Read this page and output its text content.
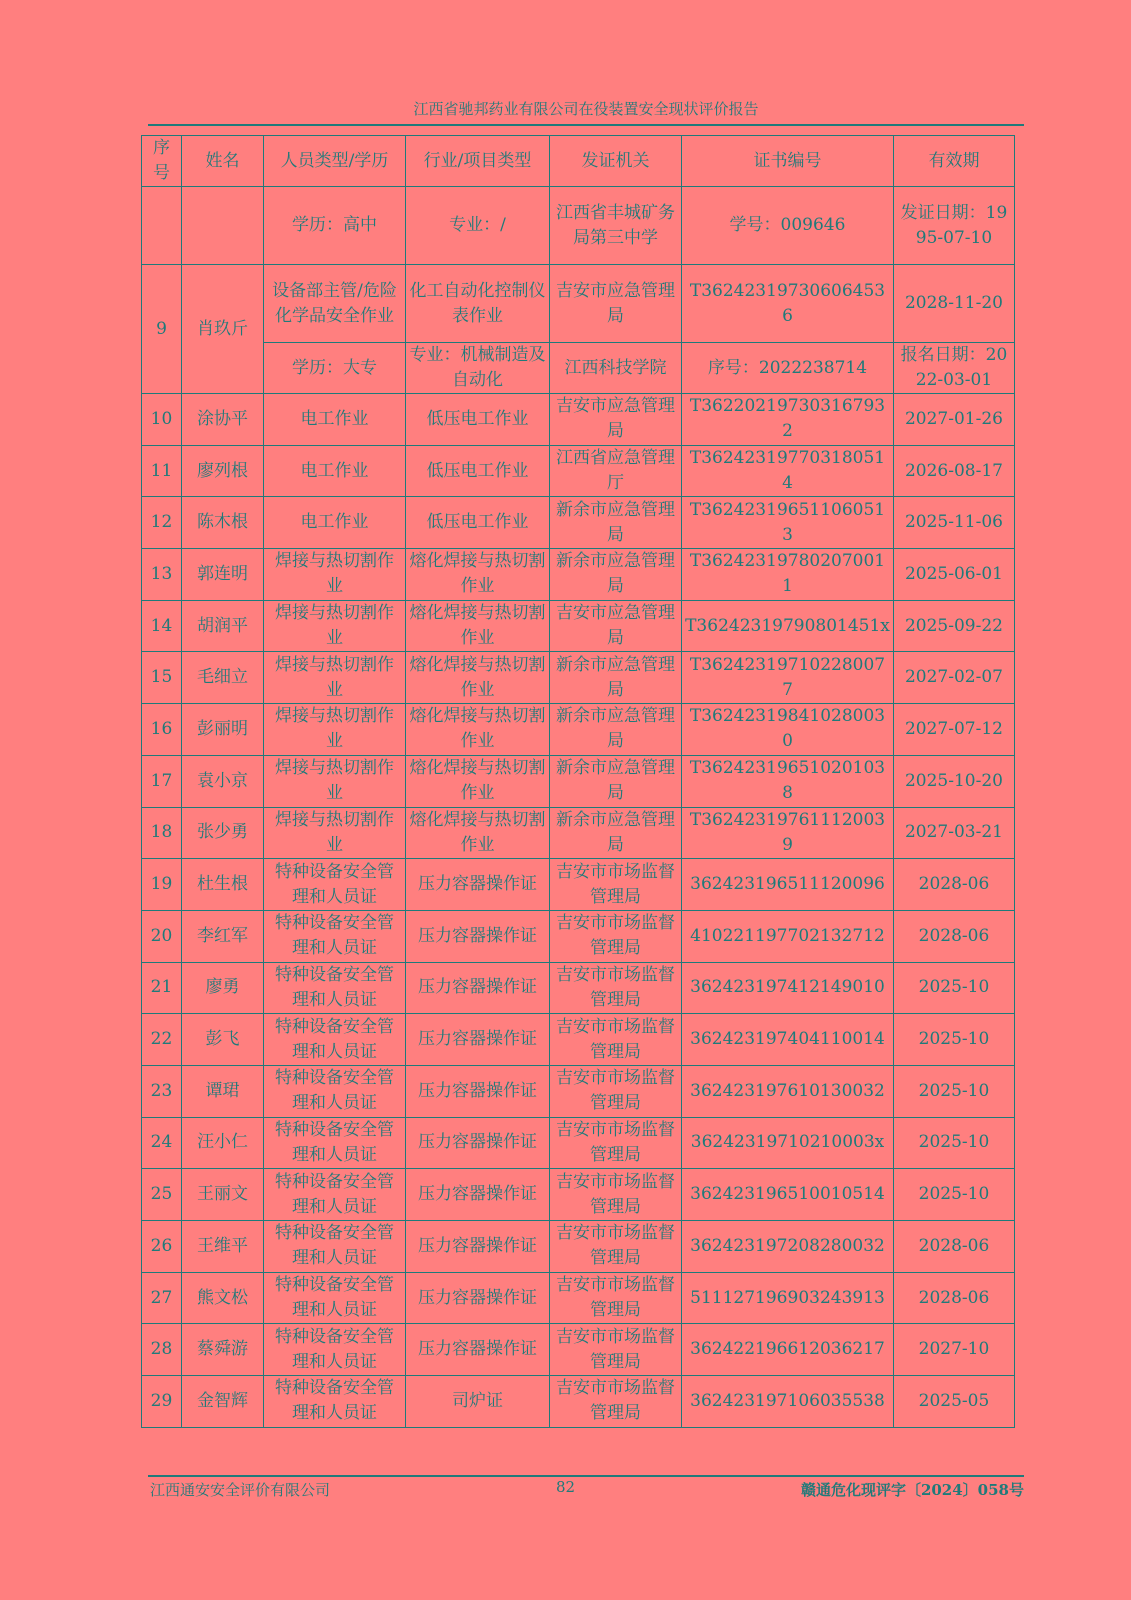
江西省驰邦药业有限公司在役装置安全现状评价报告
序号	姓名	人员类型/学历	行业/项目类型	发证机关	证书编号	有效期
		学历：高中	专业：/	江西省丰城矿务局第三中学	学号：009646	发证日期：1995-07-10
9	肖玖斤	设备部主管/危险化学品安全作业	化工自动化控制仪表作业	吉安市应急管理局	T362423197306064536	2028-11-20
		学历：大专	专业：机械制造及自动化	江西科技学院	序号：2022238714	报名日期：2022-03-01
10	涂协平	电工作业	低压电工作业	吉安市应急管理局	T362202197303167932	2027-01-26
11	廖列根	电工作业	低压电工作业	江西省应急管理厅	T362423197703180514	2026-08-17
12	陈木根	电工作业	低压电工作业	新余市应急管理局	T362423196511060513	2025-11-06
13	郭连明	焊接与热切割作业	熔化焊接与热切割作业	新余市应急管理局	T362423197802070011	2025-06-01
14	胡润平	焊接与热切割作业	熔化焊接与热切割作业	吉安市应急管理局	T36242319790801451x	2025-09-22
15	毛细立	焊接与热切割作业	熔化焊接与热切割作业	新余市应急管理局	T362423197102280077	2027-02-07
16	彭丽明	焊接与热切割作业	熔化焊接与热切割作业	新余市应急管理局	T362423198410280030	2027-07-12
17	袁小京	焊接与热切割作业	熔化焊接与热切割作业	新余市应急管理局	T362423196510201038	2025-10-20
18	张少勇	焊接与热切割作业	熔化焊接与热切割作业	新余市应急管理局	T362423197611120039	2027-03-21
19	杜生根	特种设备安全管理和人员证	压力容器操作证	吉安市市场监督管理局	362423196511120096	2028-06
20	李红军	特种设备安全管理和人员证	压力容器操作证	吉安市市场监督管理局	410221197702132712	2028-06
21	廖勇	特种设备安全管理和人员证	压力容器操作证	吉安市市场监督管理局	362423197412149010	2025-10
22	彭飞	特种设备安全管理和人员证	压力容器操作证	吉安市市场监督管理局	362423197404110014	2025-10
23	谭珺	特种设备安全管理和人员证	压力容器操作证	吉安市市场监督管理局	362423197610130032	2025-10
24	汪小仁	特种设备安全管理和人员证	压力容器操作证	吉安市市场监督管理局	36242319710210003x	2025-10
25	王丽文	特种设备安全管理和人员证	压力容器操作证	吉安市市场监督管理局	362423196510010514	2025-10
26	王维平	特种设备安全管理和人员证	压力容器操作证	吉安市市场监督管理局	362423197208280032	2028-06
27	熊文松	特种设备安全管理和人员证	压力容器操作证	吉安市市场监督管理局	511127196903243913	2028-06
28	蔡舜游	特种设备安全管理和人员证	压力容器操作证	吉安市市场监督管理局	362422196612036217	2027-10
29	金智辉	特种设备安全管理和人员证	司炉证	吉安市市场监督管理局	362423197106035538	2025-05
江西通安安全评价有限公司	82	赣通危化现评字〔2024〕058号
